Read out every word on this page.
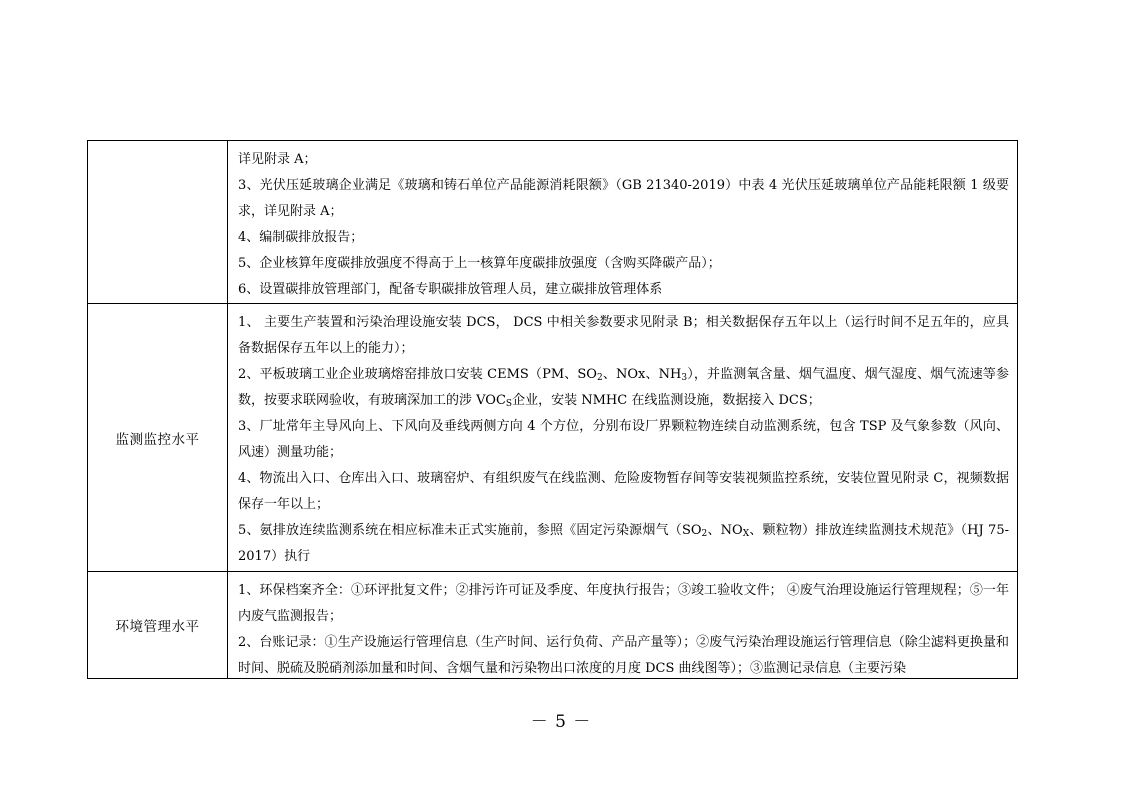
	详见附录 A；

3、光伏压延玻璃企业满足《玻璃和铸石单位产品能源消耗限额》（GB 21340-2019）中表 4 光伏压延玻璃单位产品能耗限额 1 级要求，详见附录 A；

4、编制碳排放报告；

5、企业核算年度碳排放强度不得高于上一核算年度碳排放强度（含购买降碳产品）；

6、设置碳排放管理部门，配备专职碳排放管理人员，建立碳排放管理体系

监测监控水平	1、 主要生产装置和污染治理设施安装 DCS， DCS 中相关参数要求见附录 B；相关数据保存五年以上（运行时间不足五年的，应具备数据保存五年以上的能力）；

2、平板玻璃工业企业玻璃熔窑排放口安装 CEMS（PM、$SO_2$、NOx、$NH_3$），并监测氧含量、烟气温度、烟气湿度、烟气流速等参数，按要求联网验收，有玻璃深加工的涉 $VOC_S$企业，安装 NMHC 在线监测设施，数据接入 DCS；

3、厂址常年主导风向上、下风向及垂线两侧方向 4 个方位，分别布设厂界颗粒物连续自动监测系统，包含 TSP 及气象参数（风向、风速）测量功能；

4、物流出入口、仓库出入口、玻璃窑炉、有组织废气在线监测、危险废物暂存间等安装视频监控系统，安装位置见附录 C，视频数据保存一年以上；

5、氨排放连续监测系统在相应标准未正式实施前，参照《固定污染源烟气（$SO_2$、$NO_X$、颗粒物）排放连续监测技术规范》（HJ 75-2017）执行

环境管理水平	1、环保档案齐全：①环评批复文件；②排污许可证及季度、年度执行报告；③竣工验收文件； ④废气治理设施运行管理规程；⑤一年内废气监测报告；

2、台账记录：①生产设施运行管理信息（生产时间、运行负荷、产品产量等）；②废气污染治理设施运行管理信息（除尘滤料更换量和时间、脱硫及脱硝剂添加量和时间、含烟气量和污染物出口浓度的月度 DCS 曲线图等）；③监测记录信息（主要污染

－ 5 －
